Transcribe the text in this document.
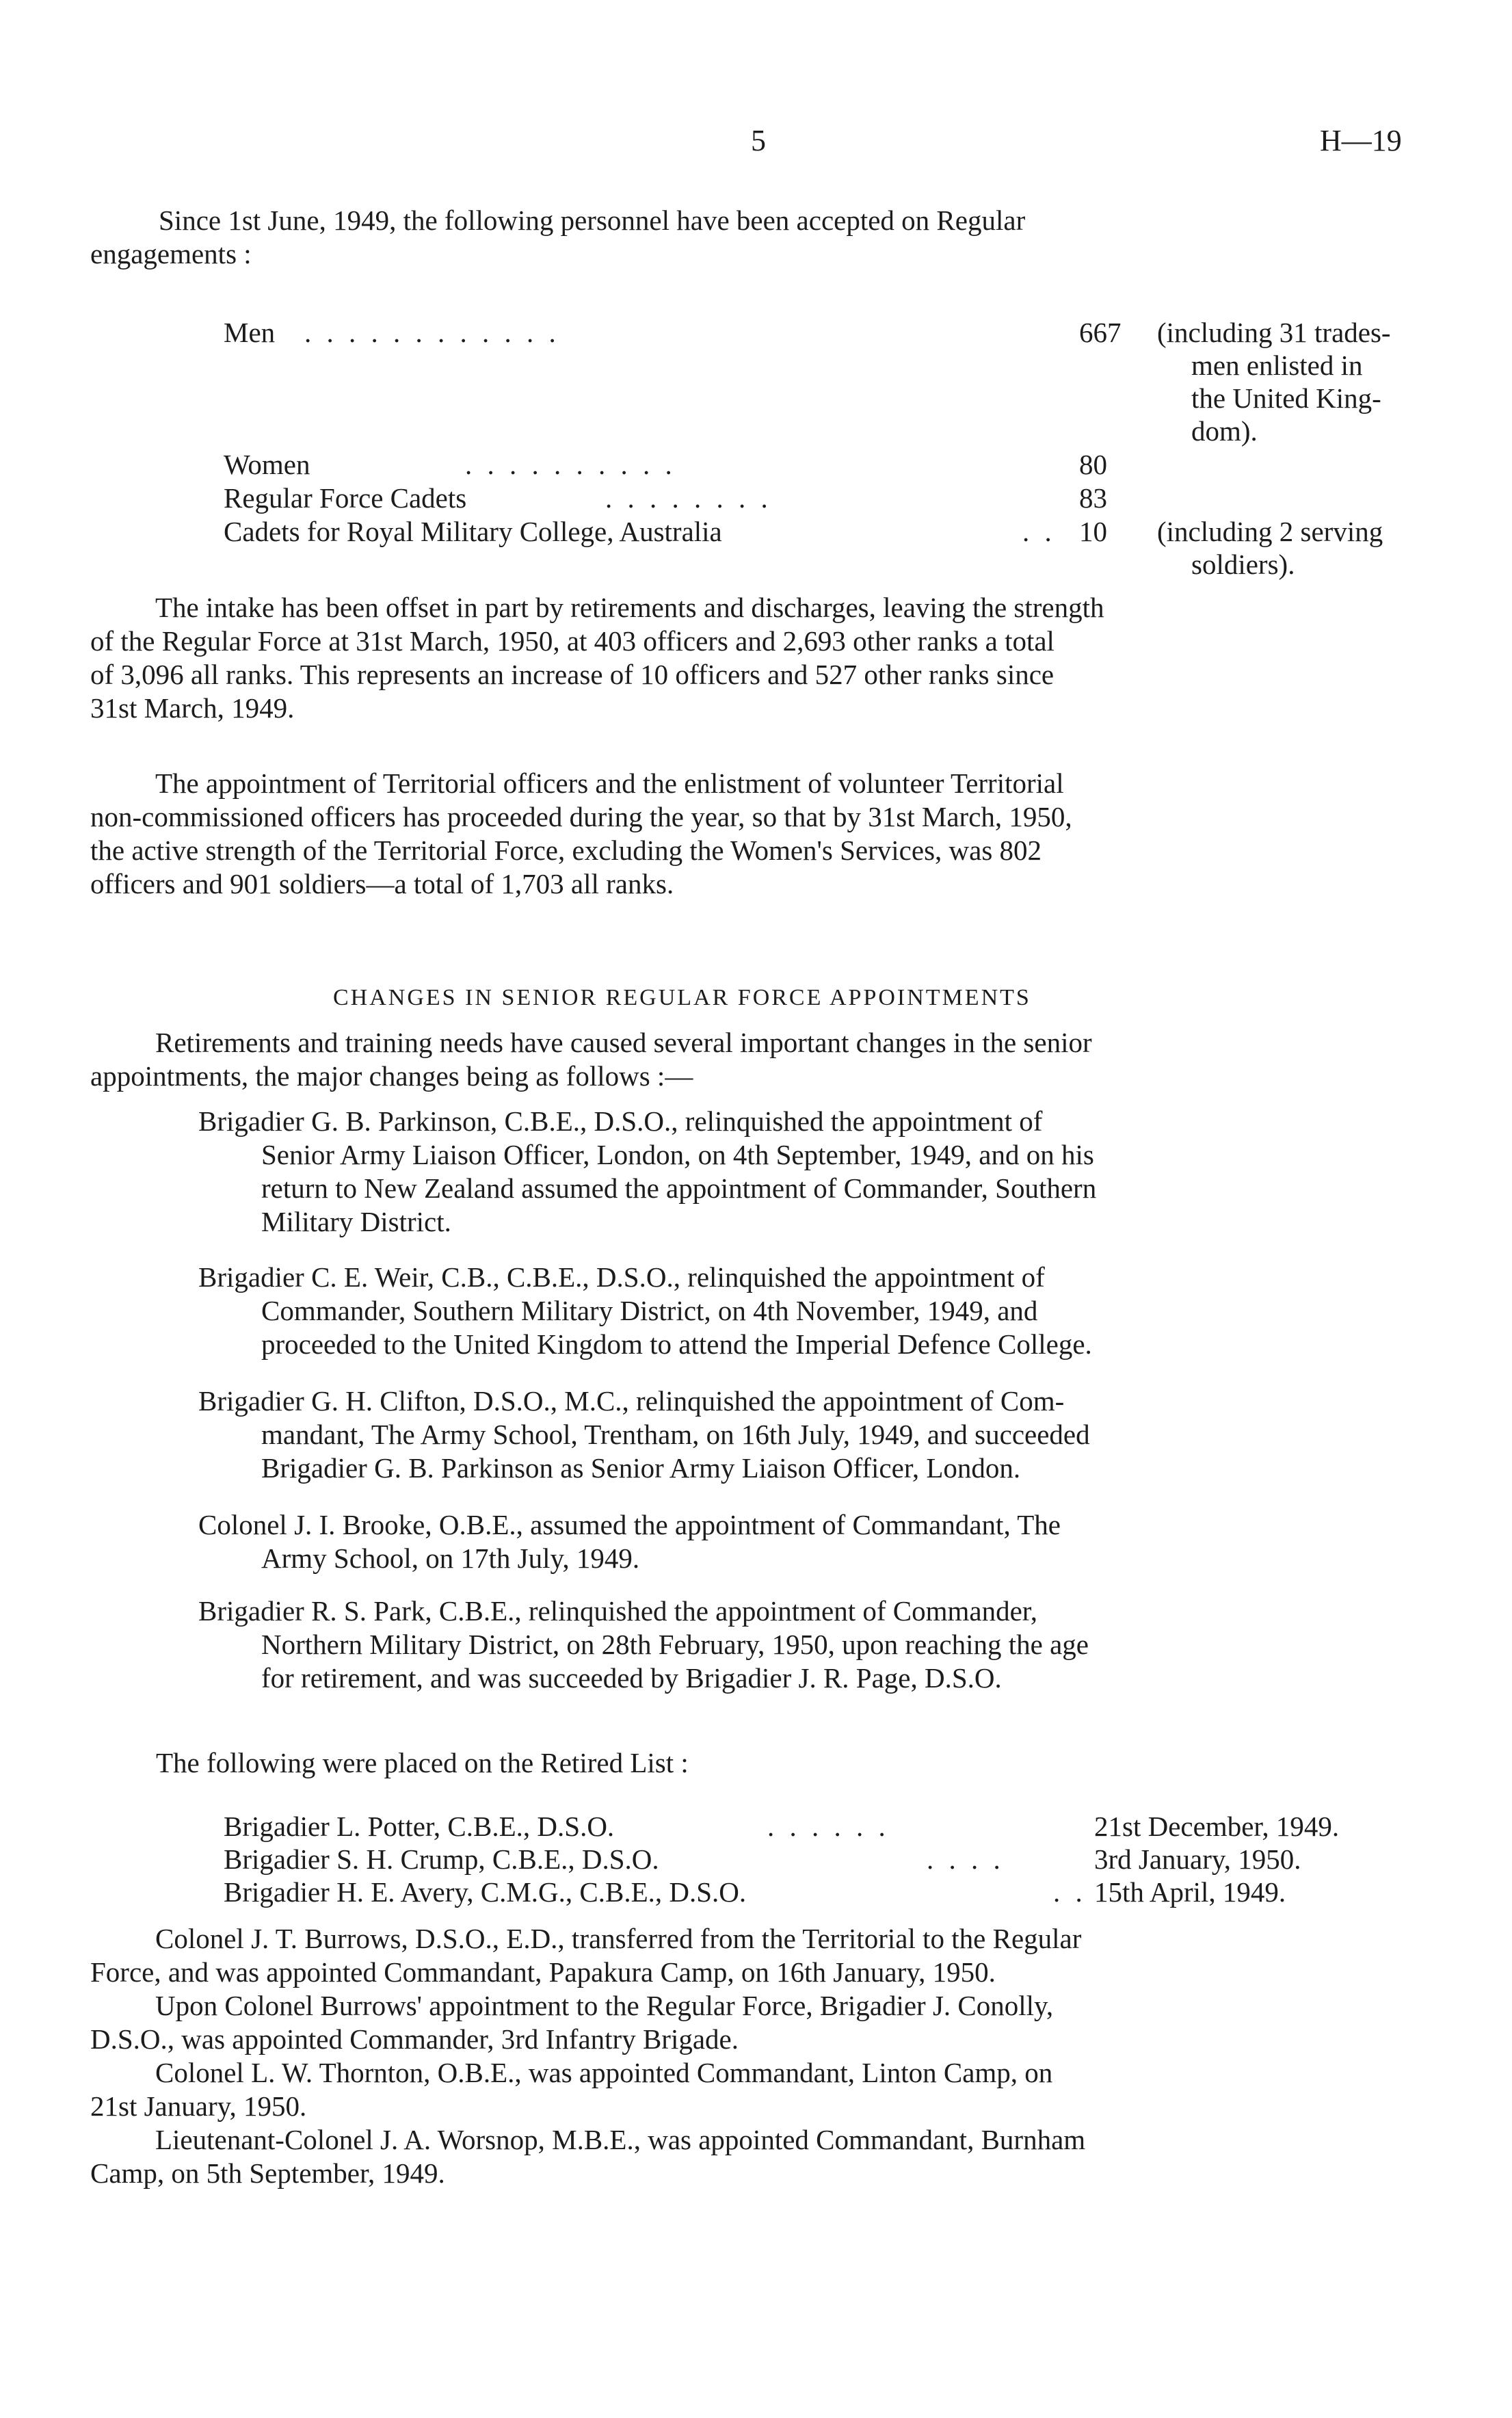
5	H—19
Since 1st June, 1949, the following personnel have been accepted on Regular
engagements :
Men . . . . . . . . . . . .	667 (including 31 trades-
men enlisted in
the United King-
dom).
Women	. . . . . . . . . .	80
Regular Force Cadets	. . . . . . . .	83
Cadets for Royal Military College, Australia	. . 10 (including 2 serving
soldiers).
The intake has been offset in part by retirements and discharges, leaving the strength
of the Regular Force at 31st March, 1950, at 403 officers and 2,693 other ranks a total
of 3,096 all ranks. This represents an increase of 10 officers and 527 other ranks since
31st March, 1949.
The appointment of Territorial officers and the enlistment of volunteer Territorial
non-commissioned officers has proceeded during the year, so that by 31st March, 1950,
the active strength of the Territorial Force, excluding the Women's Services, was 802
officers and 901 soldiers—a total of 1,703 all ranks.
CHANGES IN SENIOR REGULAR FORCE APPOINTMENTS
Retirements and training needs have caused several important changes in the senior
appointments, the major changes being as follows :—
Brigadier G. B. Parkinson, C.B.E., D.S.O., relinquished the appointment of
Senior Army Liaison Officer, London, on 4th September, 1949, and on his
return to New Zealand assumed the appointment of Commander, Southern
Military District.
Brigadier C. E. Weir, C.B., C.B.E., D.S.O., relinquished the appointment of
Commander, Southern Military District, on 4th November, 1949, and
proceeded to the United Kingdom to attend the Imperial Defence College.
Brigadier G. H. Clifton, D.S.O., M.C., relinquished the appointment of Com-
mandant, The Army School, Trentham, on 16th July, 1949, and succeeded
Brigadier G. B. Parkinson as Senior Army Liaison Officer, London.
Colonel J. I. Brooke, O.B.E., assumed the appointment of Commandant, The
Army School, on 17th July, 1949.
Brigadier R. S. Park, C.B.E., relinquished the appointment of Commander,
Northern Military District, on 28th February, 1950, upon reaching the age
for retirement, and was succeeded by Brigadier J. R. Page, D.S.O.
The following were placed on the Retired List :
Brigadier L. Potter, C.B.E., D.S.O.	. . . . . .	21st December, 1949.
Brigadier S. H. Crump, C.B.E., D.S.O.	. . . .	3rd January, 1950.
Brigadier H. E. Avery, C.M.G., C.B.E., D.S.O.	. . 15th April, 1949.
Colonel J. T. Burrows, D.S.O., E.D., transferred from the Territorial to the Regular
Force, and was appointed Commandant, Papakura Camp, on 16th January, 1950.
Upon Colonel Burrows' appointment to the Regular Force, Brigadier J. Conolly,
D.S.O., was appointed Commander, 3rd Infantry Brigade.
Colonel L. W. Thornton, O.B.E., was appointed Commandant, Linton Camp, on
21st January, 1950.
Lieutenant-Colonel J. A. Worsnop, M.B.E., was appointed Commandant, Burnham
Camp, on 5th September, 1949.
